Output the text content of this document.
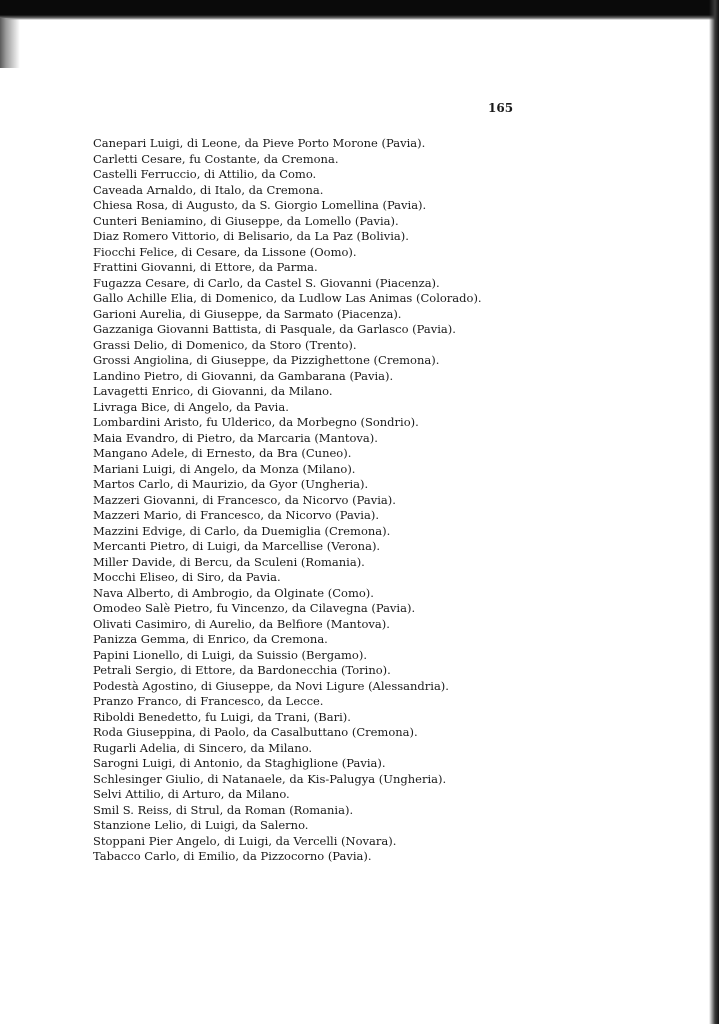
165
Canepari Luigi, di Leone, da Pieve Porto Morone (Pavia).
Carletti Cesare, fu Costante, da Cremona.
Castelli Ferruccio, di Attilio, da Como.
Caveada Arnaldo, di Italo, da Cremona.
Chiesa Rosa, di Augusto, da S. Giorgio Lomellina (Pavia).
Cunteri Beniamino, di Giuseppe, da Lomello (Pavia).
Diaz Romero Vittorio, di Belisario, da La Paz (Bolivia).
Fiocchi Felice, di Cesare, da Lissone (Oomo).
Frattini Giovanni, di Ettore, da Parma.
Fugazza Cesare, di Carlo, da Castel S. Giovanni (Piacenza).
Gallo Achille Elia, di Domenico, da Ludlow Las Animas (Colorado).
Garioni Aurelia, di Giuseppe, da Sarmato (Piacenza).
Gazzaniga Giovanni Battista, di Pasquale, da Garlasco (Pavia).
Grassi Delio, di Domenico, da Storo (Trento).
Grossi Angiolina, di Giuseppe, da Pizzighettone (Cremona).
Landino Pietro, di Giovanni, da Gambarana (Pavia).
Lavagetti Enrico, di Giovanni, da Milano.
Livraga Bice, di Angelo, da Pavia.
Lombardini Aristo, fu Ulderico, da Morbegno (Sondrio).
Maia Evandro, di Pietro, da Marcaria (Mantova).
Mangano Adele, di Ernesto, da Bra (Cuneo).
Mariani Luigi, di Angelo, da Monza (Milano).
Martos Carlo, di Maurizio, da Gyor (Ungheria).
Mazzeri Giovanni, di Francesco, da Nicorvo (Pavia).
Mazzeri Mario, di Francesco, da Nicorvo (Pavia).
Mazzini Edvige, di Carlo, da Duemiglia (Cremona).
Mercanti Pietro, di Luigi, da Marcellise (Verona).
Miller Davide, di Bercu, da Sculeni (Romania).
Mocchi Eliseo, di Siro, da Pavia.
Nava Alberto, di Ambrogio, da Olginate (Como).
Omodeo Salè Pietro, fu Vincenzo, da Cilavegna (Pavia).
Olivati Casimiro, di Aurelio, da Belfiore (Mantova).
Panizza Gemma, di Enrico, da Cremona.
Papini Lionello, di Luigi, da Suissio (Bergamo).
Petrali Sergio, di Ettore, da Bardonecchia (Torino).
Podestà Agostino, di Giuseppe, da Novi Ligure (Alessandria).
Pranzo Franco, di Francesco, da Lecce.
Riboldi Benedetto, fu Luigi, da Trani, (Bari).
Roda Giuseppina, di Paolo, da Casalbuttano (Cremona).
Rugarli Adelia, di Sincero, da Milano.
Sarogni Luigi, di Antonio, da Staghiglione (Pavia).
Schlesinger Giulio, di Natanaele, da Kis-Palugya (Ungheria).
Selvi Attilio, di Arturo, da Milano.
Smil S. Reiss, di Strul, da Roman (Romania).
Stanzione Lelio, di Luigi, da Salerno.
Stoppani Pier Angelo, di Luigi, da Vercelli (Novara).
Tabacco Carlo, di Emilio, da Pizzocorno (Pavia).
